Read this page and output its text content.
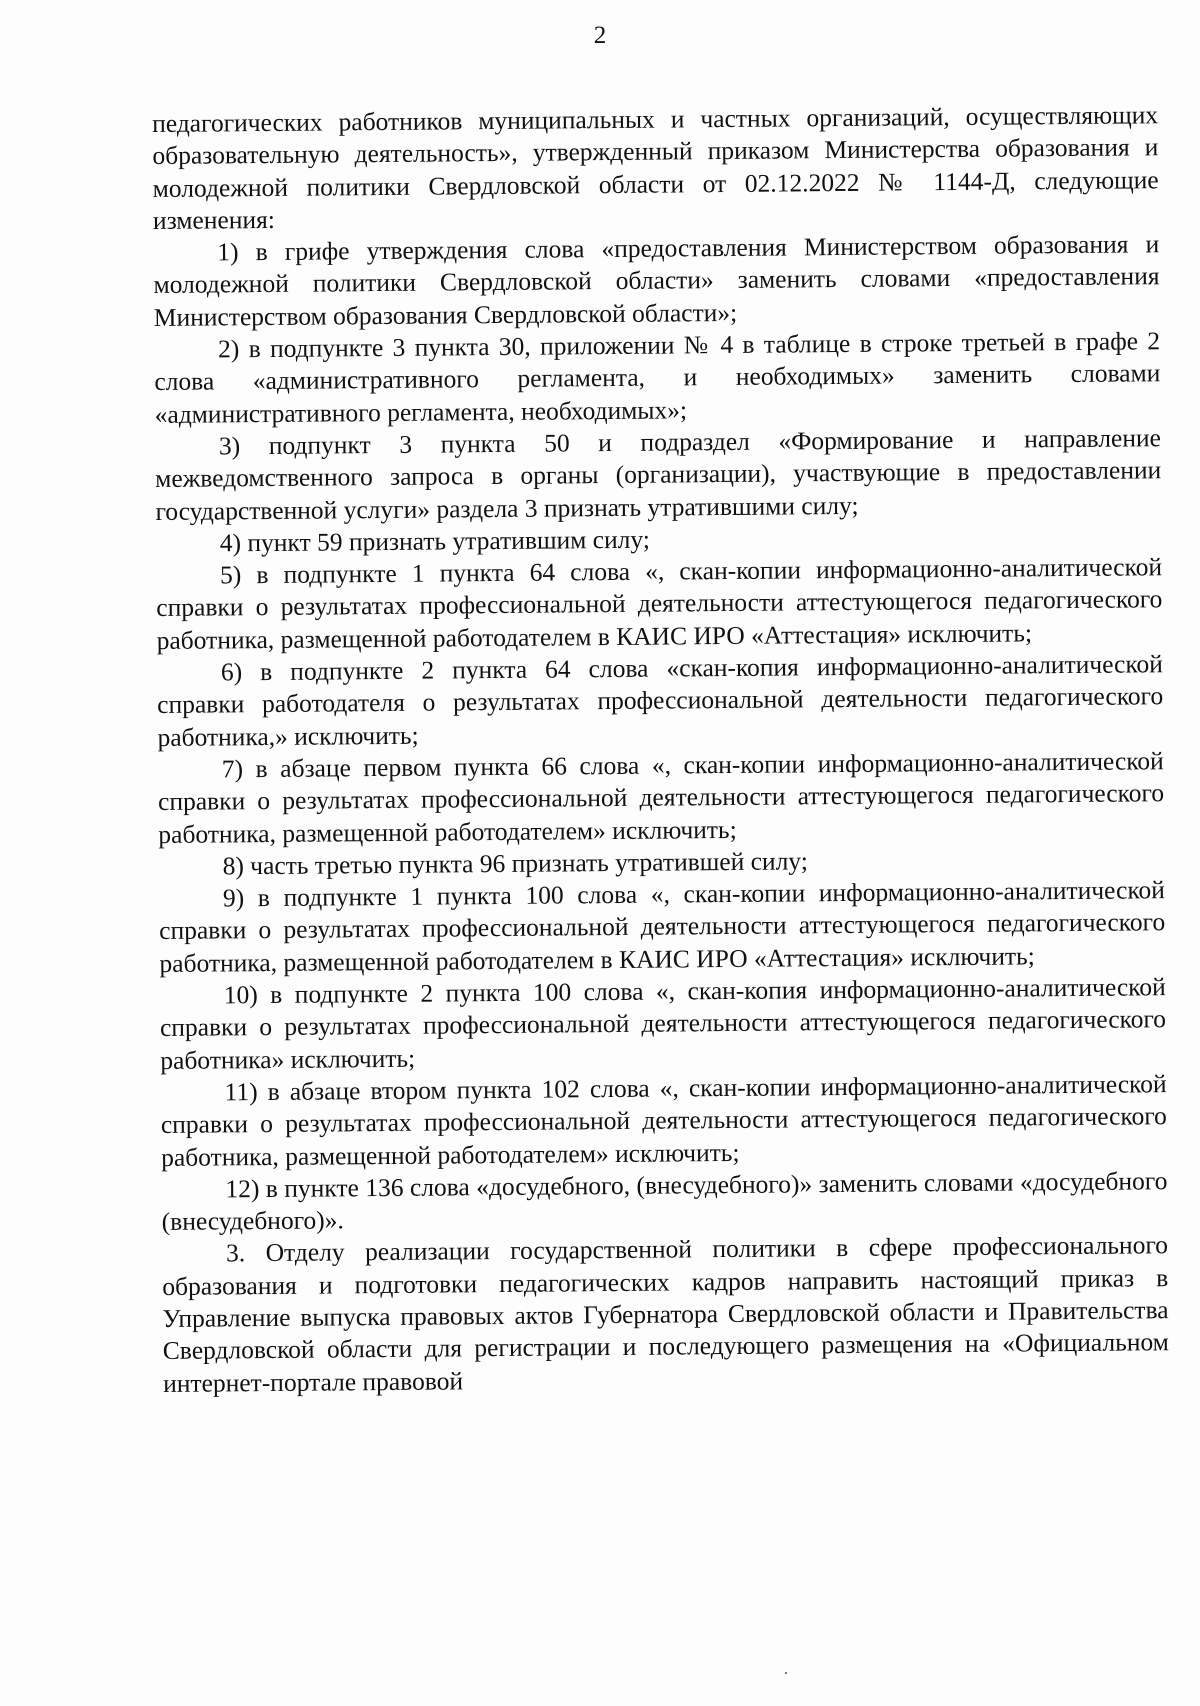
2

педагогических работников муниципальных и частных организаций, осуществляющих образовательную деятельность», утвержденный приказом Министерства образования и молодежной политики Свердловской области от 02.12.2022 № 1144-Д, следующие изменения:

1) в грифе утверждения слова «предоставления Министерством образования и молодежной политики Свердловской области» заменить словами «предоставления Министерством образования Свердловской области»;

2) в подпункте 3 пункта 30, приложении № 4 в таблице в строке третьей в графе 2 слова «административного регламента, и необходимых» заменить словами «административного регламента, необходимых»;

3) подпункт 3 пункта 50 и подраздел «Формирование и направление межведомственного запроса в органы (организации), участвующие в предоставлении государственной услуги» раздела 3 признать утратившими силу;

4) пункт 59 признать утратившим силу;

5) в подпункте 1 пункта 64 слова «, скан-копии информационно-аналитической справки о результатах профессиональной деятельности аттестующегося педагогического работника, размещенной работодателем в КАИС ИРО «Аттестация» исключить;

6) в подпункте 2 пункта 64 слова «скан-копия информационно-аналитической справки работодателя о результатах профессиональной деятельности педагогического работника,» исключить;

7) в абзаце первом пункта 66 слова «, скан-копии информационно-аналитической справки о результатах профессиональной деятельности аттестующегося педагогического работника, размещенной работодателем» исключить;

8) часть третью пункта 96 признать утратившей силу;

9) в подпункте 1 пункта 100 слова «, скан-копии информационно-аналитической справки о результатах профессиональной деятельности аттестующегося педагогического работника, размещенной работодателем в КАИС ИРО «Аттестация» исключить;

10) в подпункте 2 пункта 100 слова «, скан-копия информационно-аналитической справки о результатах профессиональной деятельности аттестующегося педагогического работника» исключить;

11) в абзаце втором пункта 102 слова «, скан-копии информационно-аналитической справки о результатах профессиональной деятельности аттестующегося педагогического работника, размещенной работодателем» исключить;

12) в пункте 136 слова «досудебного, (внесудебного)» заменить словами «досудебного (внесудебного)».

3. Отделу реализации государственной политики в сфере профессионального образования и подготовки педагогических кадров направить настоящий приказ в Управление выпуска правовых актов Губернатора Свердловской области и Правительства Свердловской области для регистрации и последующего размещения на «Официальном интернет-портале правовой
